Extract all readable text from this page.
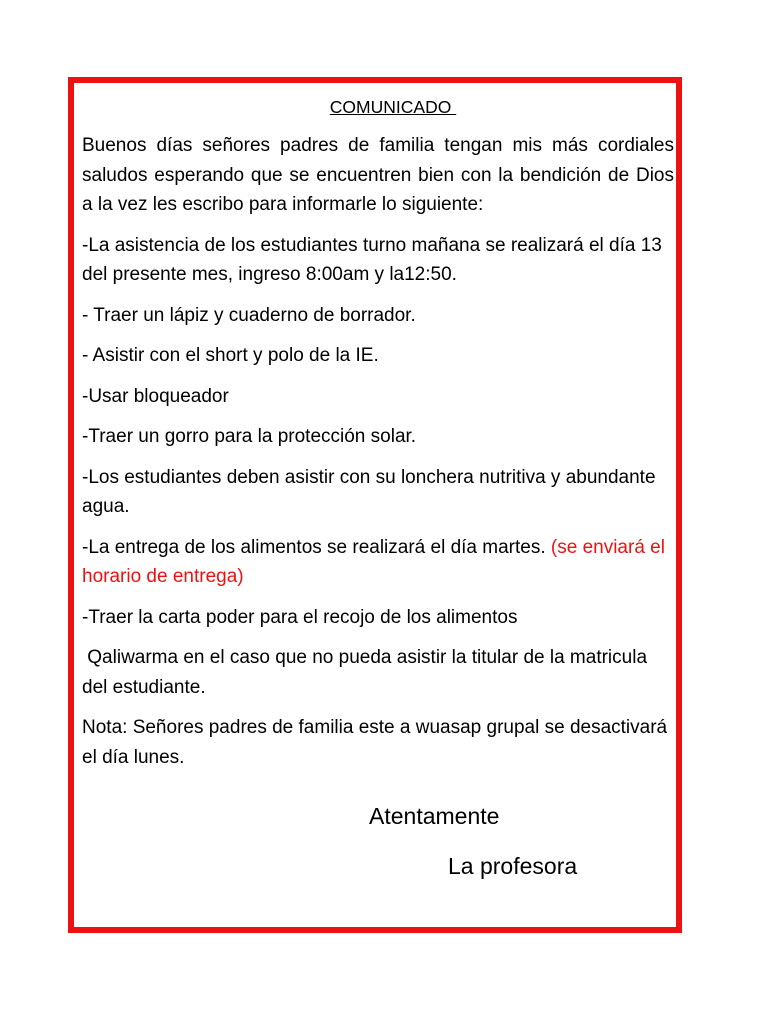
COMUNICADO

Buenos días señores padres de familia tengan mis más cordiales saludos esperando que se encuentren bien con la bendición de Dios a la vez les escribo para informarle lo siguiente:

-La asistencia de los estudiantes turno mañana se realizará el día 13 del presente mes, ingreso 8:00am y la12:50.

- Traer un lápiz y cuaderno de borrador.

- Asistir con el short y polo de la IE.

-Usar bloqueador

-Traer un gorro para la protección solar.

-Los estudiantes deben asistir con su lonchera nutritiva y abundante agua.

-La entrega de los alimentos se realizará el día martes. (se enviará el horario de entrega)

-Traer la carta poder para el recojo de los alimentos

Qaliwarma en el caso que no pueda asistir la titular de la matricula del estudiante.

Nota: Señores padres de familia este a wuasap grupal se desactivará el día lunes.

Atentamente
La profesora
